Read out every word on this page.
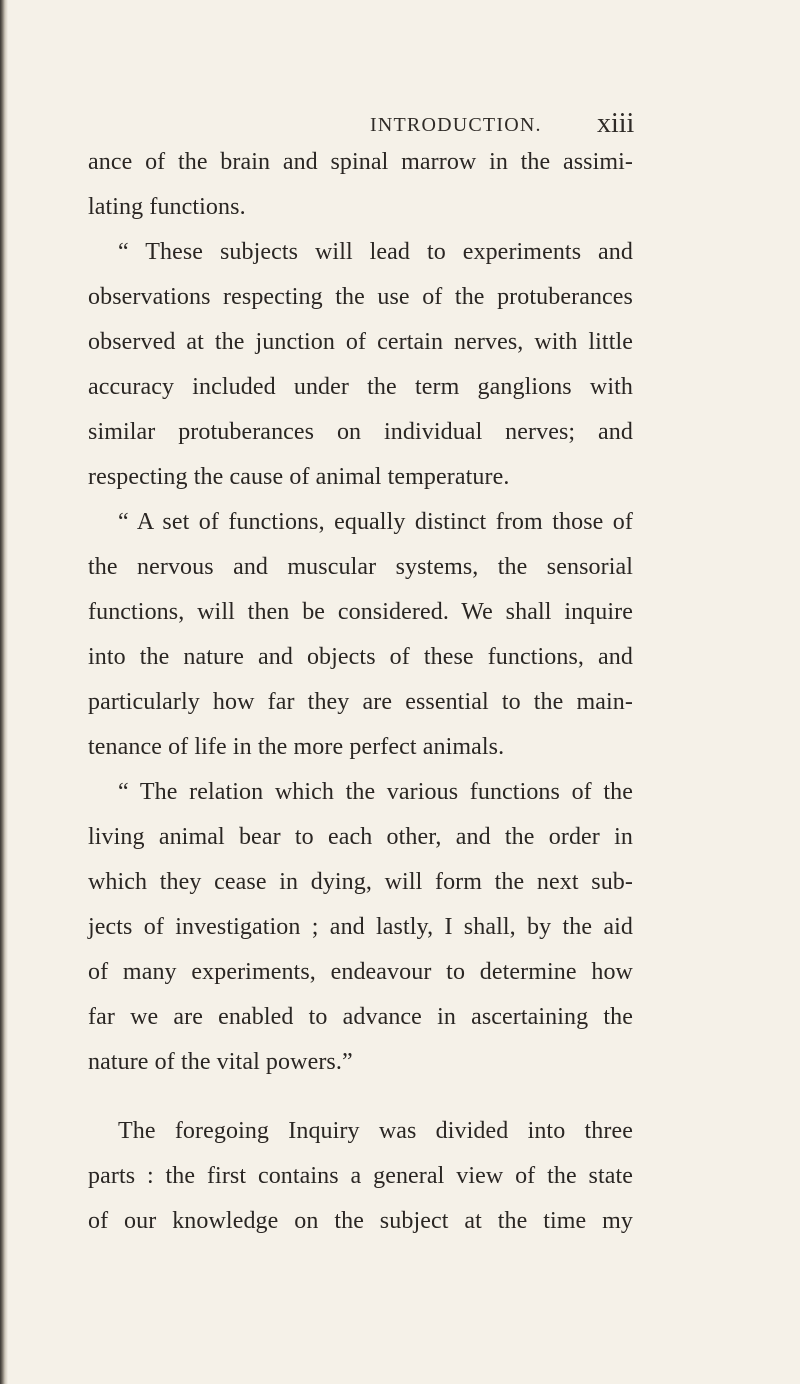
INTRODUCTION. xiii
ance of the brain and spinal marrow in the assimi-
lating functions.
“ These subjects will lead to experiments and
observations respecting the use of the protuberances
observed at the junction of certain nerves, with little
accuracy included under the term ganglions with
similar protuberances on individual nerves; and
respecting the cause of animal temperature.
“ A set of functions, equally distinct from those of
the nervous and muscular systems, the sensorial
functions, will then be considered. We shall inquire
into the nature and objects of these functions, and
particularly how far they are essential to the main-
tenance of life in the more perfect animals.
“ The relation which the various functions of the
living animal bear to each other, and the order in
which they cease in dying, will form the next sub-
jects of investigation ; and lastly, I shall, by the aid
of many experiments, endeavour to determine how
far we are enabled to advance in ascertaining the
nature of the vital powers.”
The foregoing Inquiry was divided into three
parts : the first contains a general view of the state
of our knowledge on the subject at the time my
